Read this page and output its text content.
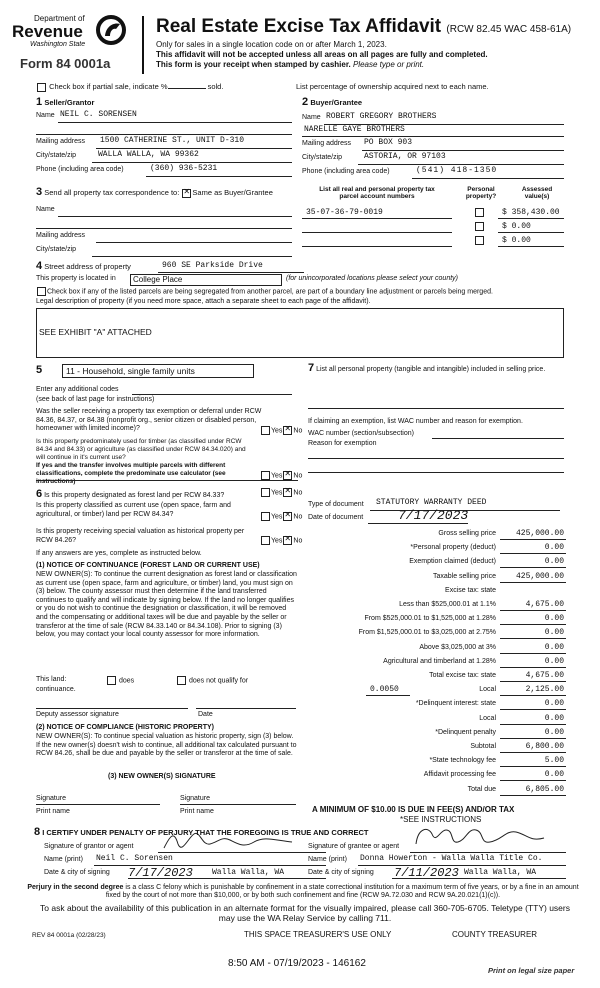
Department of
Revenue
Washington State
Form 84 0001a
Real Estate Excise Tax Affidavit (RCW 82.45 WAC 458-61A)
Only for sales in a single location code on or after March 1, 2023.
This affidavit will not be accepted unless all areas on all pages are fully and completed.
This form is your receipt when stamped by cashier. Please type or print.
Check box if partial sale, indicate %	sold.	List percentage of ownership acquired next to each name.
1 Seller/Grantor
Name NEIL C. SORENSEN
Mailing address 1500 CATHERINE ST., UNIT D-310
City/state/zip	WALLA WALLA, WA 99362
Phone (including area code)	(360) 936-5231
2 Buyer/Grantee
Name ROBERT GREGORY BROTHERS
NARELLE GAYE BROTHERS
Mailing address PO BOX 903
City/state/zip	ASTORIA, OR 97103
Phone (including area code)	(541) 418-1350
3 Send all property tax correspondence to: ✕ Same as Buyer/Grantee
Name
Mailing address
City/state/zip
List all real and personal property tax parcel account numbers
Personal property?
Assessed value(s)
35-07-36-79-0019	$ 358,430.00
$ 0.00
$ 0.00
4 Street address of property	960 SE Parkside Drive
This property is located in College Place	(for unincorporated locations please select your county)
Check box if any of the listed parcels are being segregated from another parcel, are part of a boundary line adjustment or parcels being merged.
Legal description of property (if you need more space, attach a separate sheet to each page of the affidavit).
SEE EXHIBIT "A" ATTACHED
5	11 - Household, single family units
Enter any additional codes
(see back of last page for instructions)
Was the seller receiving a property tax exemption or deferral under RCW 84.36, 84.37, or 84.38 (nonprofit org., senior citizen or disabled person, homeowner with limited income)?	Yes ✕ No
Is this property predominately used for timber (as classified under RCW 84.34 and 84.33) or agriculture (as classified under RCW 84.34.020) and will continue in it's current use?
If yes and the transfer involves multiple parcels with different classifications, complete the predominate use calculator (see instructions)
Yes ✕ No
6 Is this property designated as forest land per RCW 84.33?	Yes ✕ No
Is this property classified as current use (open space, farm and agricultural, or timber) land per RCW 84.34?	Yes ✕ No
Is this property receiving special valuation as historical property per RCW 84.26?	Yes ✕ No
If any answers are yes, complete as instructed below.
(1) NOTICE OF CONTINUANCE (FOREST LAND OR CURRENT USE)
NEW OWNER(S): To continue the current designation as forest land or classification as current use (open space, farm and agriculture, or timber) land, you must sign on (3) below. The county assessor must then determine if the land transferred continues to qualify and will indicate by signing below. If the land no longer qualifies or you do not wish to continue the designation or classification, it will be removed and the compensating or additional taxes will be due and payable by the seller or transferor at the time of sale (RCW 84.33.140 or 84.34.108). Prior to signing (3) below, you may contact your local county assessor for more information.
This land:	does	does not qualify for
continuance.
Deputy assessor signature	Date
(2) NOTICE OF COMPLIANCE (HISTORIC PROPERTY)
NEW OWNER(S): To continue special valuation as historic property, sign (3) below. If the new owner(s) doesn't wish to continue, all additional tax calculated pursuant to RCW 84.26, shall be due and payable by the seller or transferor at the time of sale.
(3) NEW OWNER(S) SIGNATURE
Signature	Signature
Print name	Print name
7 List all personal property (tangible and intangible) included in selling price.
If claiming an exemption, list WAC number and reason for exemption.
WAC number (section/subsection)
Reason for exemption
Type of document STATUTORY WARRANTY DEED
Date of document	7/17/2023
Gross selling price 425,000.00
*Personal property (deduct)	0.00
Exemption claimed (deduct)	0.00
Taxable selling price 425,000.00
Excise tax: state
Less than $525,000.01 at 1.1%	4,675.00
From $525,000.01 to $1,525,000 at 1.28%	0.00
From $1,525,000.01 to $3,025,000 at 2.75%	0.00
Above $3,025,000 at 3%	0.00
Agricultural and timberland at 1.28%	0.00
Total excise tax: state	4,675.00
Local
0.0050	2,125.00
*Delinquent interest: state	0.00
Local	0.00
*Delinquent penalty	0.00
Subtotal	6,800.00
*State technology fee	5.00
Affidavit processing fee	0.00
Total due	6,805.00
A MINIMUM OF $10.00 IS DUE IN FEE(S) AND/OR TAX
*SEE INSTRUCTIONS
8 I CERTIFY UNDER PENALTY OF PERJURY THAT THE FOREGOING IS TRUE AND CORRECT
Signature of grantor or agent
Name (print) Neil C. Sorensen
Date & city of signing 7/17/2023 Walla Walla, WA
Signature of grantee or agent
Name (print) Donna Howerton - Walla Walla Title Co.
Date & city of signing 7/11/2023 Walla Walla, WA
Perjury in the second degree is a class C felony which is punishable by confinement in a state correctional institution for a maximum term of five years, or by a fine in an amount fixed by the court of not more than $10,000, or by both such confinement and fine (RCW 9A.72.030 and RCW 9A.20.021(1)(c)).
To ask about the availability of this publication in an alternate format for the visually impaired, please call 360-705-6705. Teletype (TTY) users may use the WA Relay Service by calling 711.
REV 84 0001a (02/28/23)	THIS SPACE TREASURER'S USE ONLY	COUNTY TREASURER
8:50 AM - 07/19/2023 - 146162
Print on legal size paper
